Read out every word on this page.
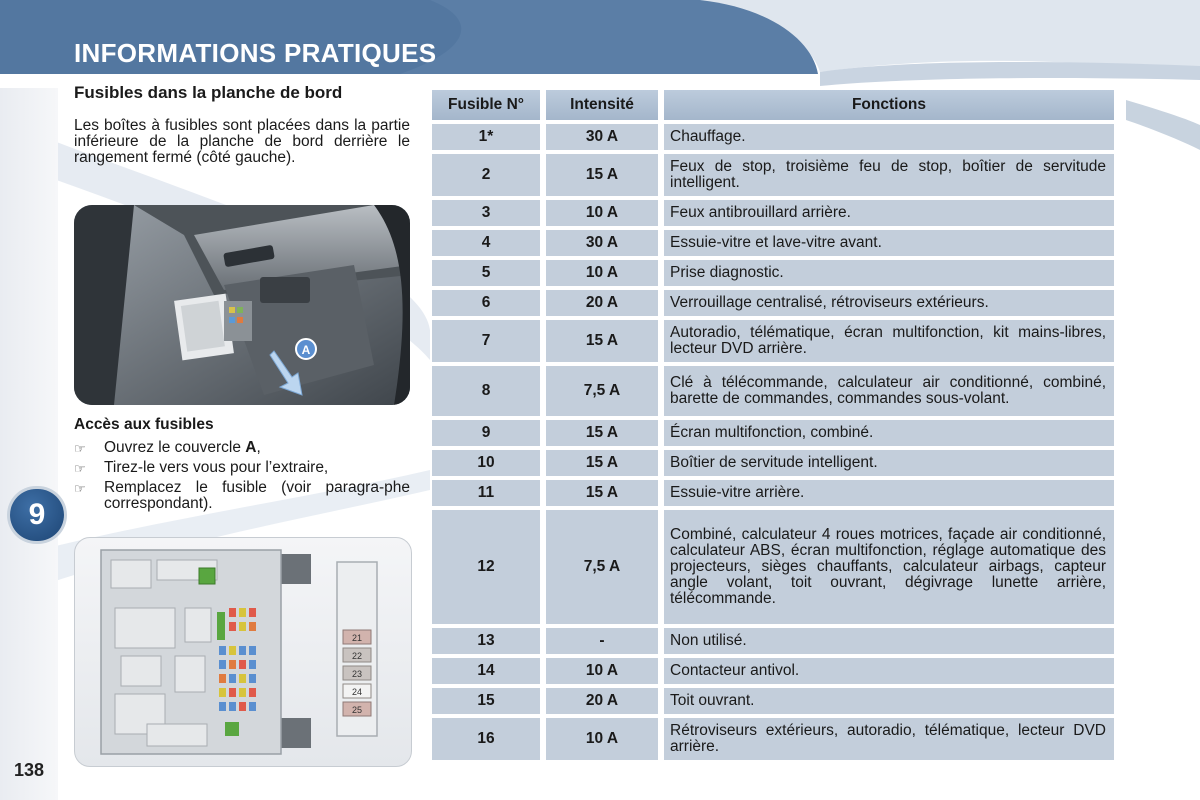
INFORMATIONS PRATIQUES
9
138
Fusibles dans la planche de bord
Les boîtes à fusibles sont placées dans la partie inférieure de la planche de bord derrière le rangement fermé (côté gauche).
A
Accès aux fusibles
☞	Ouvrez le couvercle A,
☞	Tirez-le vers vous pour l’extraire,
☞	Remplacez le fusible (voir paragra-phe correspondant).
21
22
23
24
25
Fusible N°	Intensité	Fonctions
1*	30 A	Chauffage.
2	15 A	Feux de stop, troisième feu de stop, boîtier de servitude intelligent.
3	10 A	Feux antibrouillard arrière.
4	30 A	Essuie-vitre et lave-vitre avant.
5	10 A	Prise diagnostic.
6	20 A	Verrouillage centralisé, rétroviseurs extérieurs.
7	15 A	Autoradio, télématique, écran multifonction, kit mains-libres, lecteur DVD arrière.
8	7,5 A	Clé à télécommande, calculateur air conditionné, combiné, barette de commandes, commandes sous-volant.
9	15 A	Écran multifonction, combiné.
10	15 A	Boîtier de servitude intelligent.
11	15 A	Essuie-vitre arrière.
12	7,5 A	Combiné, calculateur 4 roues motrices, façade air conditionné, calculateur ABS, écran multifonction, réglage automatique des projecteurs, sièges chauffants, calculateur airbags, capteur angle volant, toit ouvrant, dégivrage lunette arrière, télécommande.
13	-	Non utilisé.
14	10 A	Contacteur antivol.
15	20 A	Toit ouvrant.
16	10 A	Rétroviseurs extérieurs, autoradio, télématique, lecteur DVD arrière.
